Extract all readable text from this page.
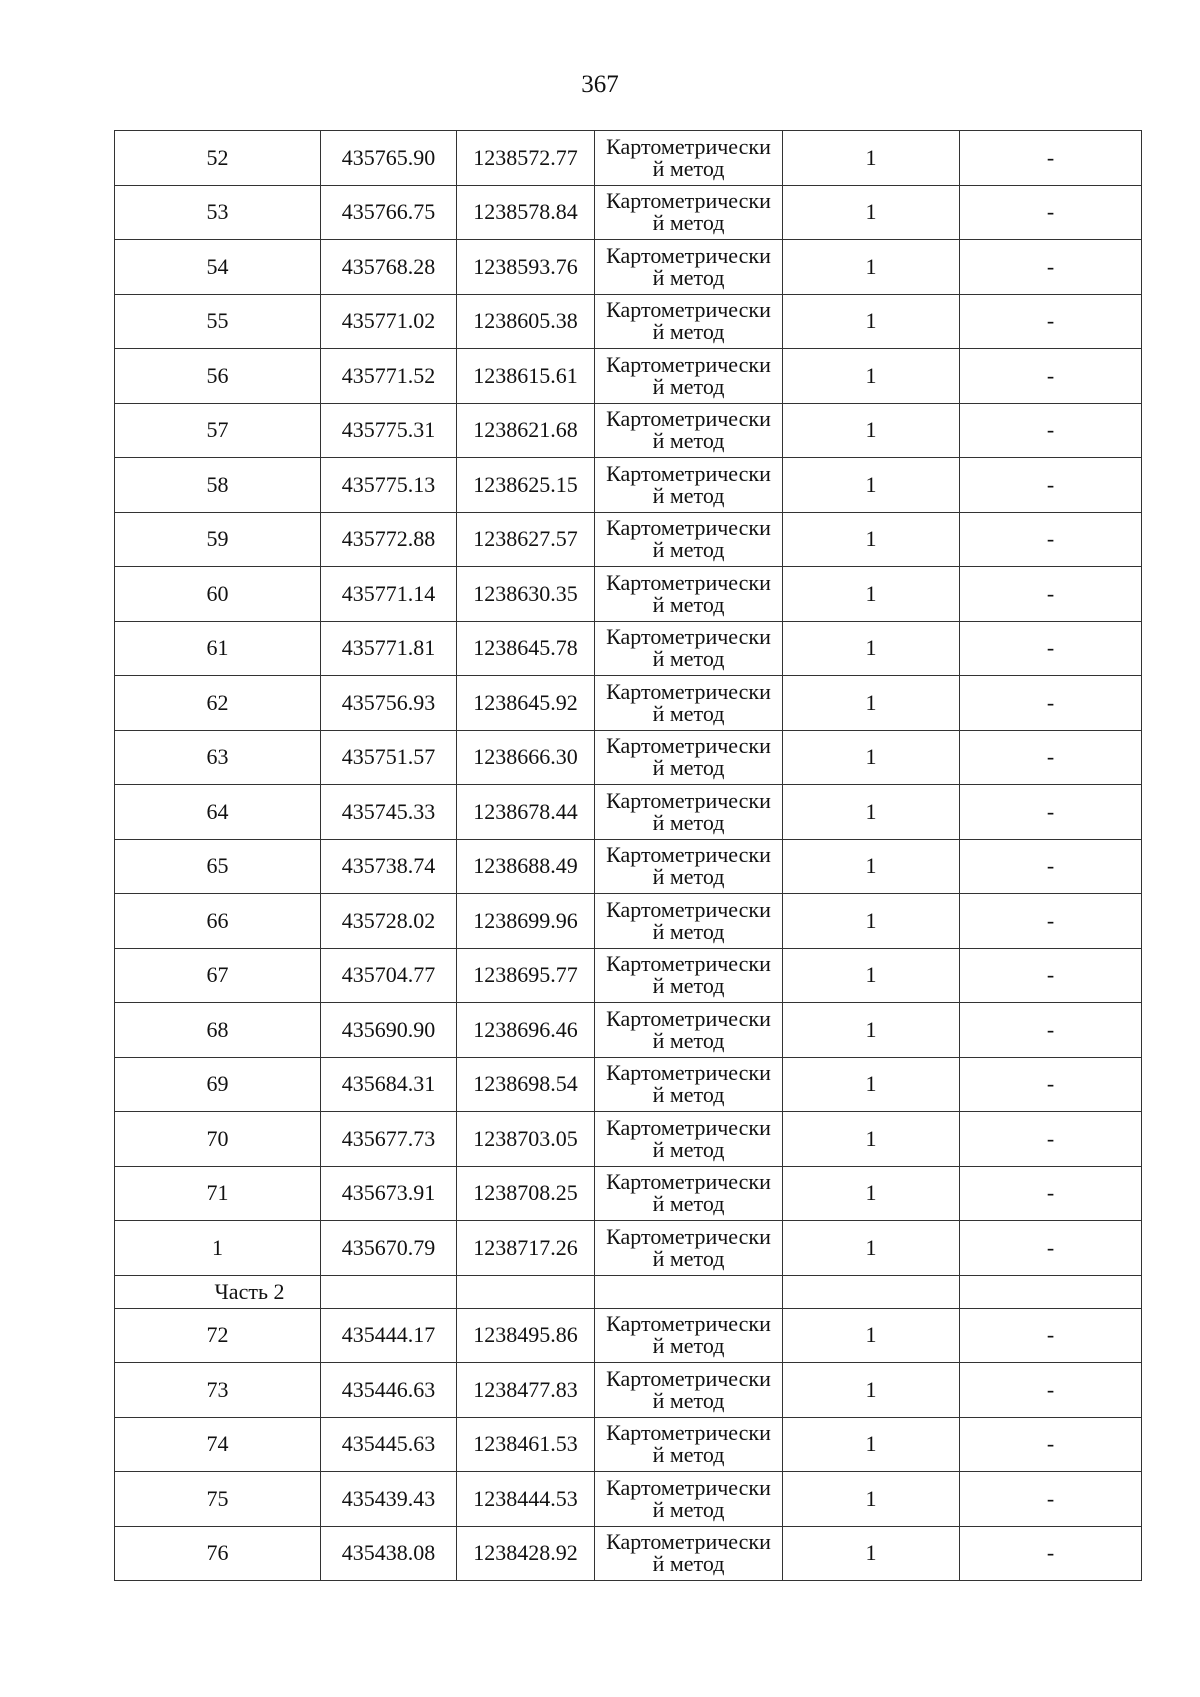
367
52	435765.90	1238572.77	Картометрически
й метод	1	-
53	435766.75	1238578.84	Картометрически
й метод	1	-
54	435768.28	1238593.76	Картометрически
й метод	1	-
55	435771.02	1238605.38	Картометрически
й метод	1	-
56	435771.52	1238615.61	Картометрически
й метод	1	-
57	435775.31	1238621.68	Картометрически
й метод	1	-
58	435775.13	1238625.15	Картометрически
й метод	1	-
59	435772.88	1238627.57	Картометрически
й метод	1	-
60	435771.14	1238630.35	Картометрически
й метод	1	-
61	435771.81	1238645.78	Картометрически
й метод	1	-
62	435756.93	1238645.92	Картометрически
й метод	1	-
63	435751.57	1238666.30	Картометрически
й метод	1	-
64	435745.33	1238678.44	Картометрически
й метод	1	-
65	435738.74	1238688.49	Картометрически
й метод	1	-
66	435728.02	1238699.96	Картометрически
й метод	1	-
67	435704.77	1238695.77	Картометрически
й метод	1	-
68	435690.90	1238696.46	Картометрически
й метод	1	-
69	435684.31	1238698.54	Картометрически
й метод	1	-
70	435677.73	1238703.05	Картометрически
й метод	1	-
71	435673.91	1238708.25	Картометрически
й метод	1	-
1	435670.79	1238717.26	Картометрически
й метод	1	-
Часть 2					
72	435444.17	1238495.86	Картометрически
й метод	1	-
73	435446.63	1238477.83	Картометрически
й метод	1	-
74	435445.63	1238461.53	Картометрически
й метод	1	-
75	435439.43	1238444.53	Картометрически
й метод	1	-
76	435438.08	1238428.92	Картометрически
й метод	1	-
